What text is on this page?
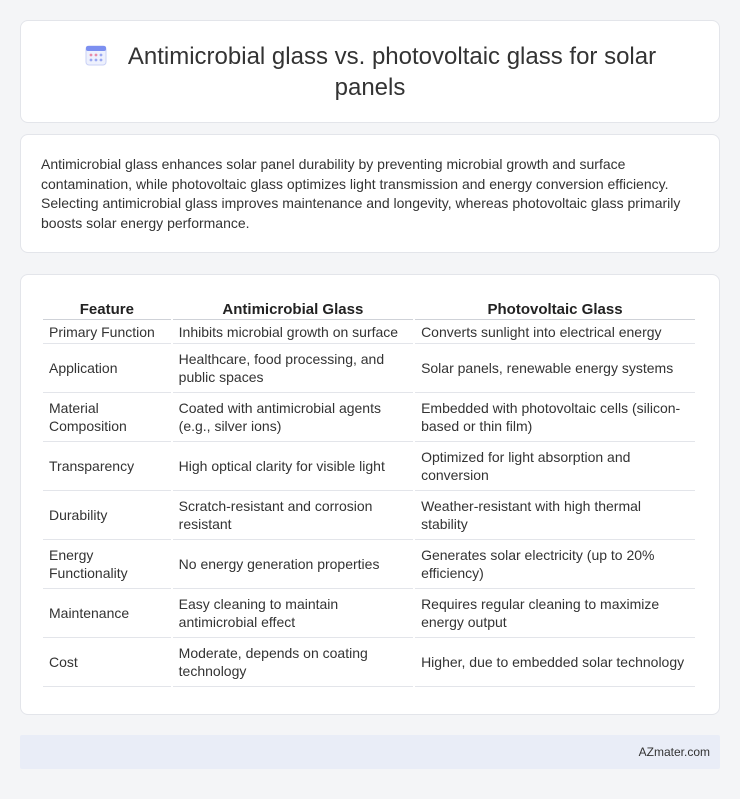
Antimicrobial glass vs. photovoltaic glass for solar panels

Antimicrobial glass enhances solar panel durability by preventing microbial growth and surface contamination, while photovoltaic glass optimizes light transmission and energy conversion efficiency. Selecting antimicrobial glass improves maintenance and longevity, whereas photovoltaic glass primarily boosts solar energy performance.

Feature	Antimicrobial Glass	Photovoltaic Glass
Primary Function	Inhibits microbial growth on surface	Converts sunlight into electrical energy
Application	Healthcare, food processing, and public spaces	Solar panels, renewable energy systems
Material Composition	Coated with antimicrobial agents (e.g., silver ions)	Embedded with photovoltaic cells (silicon-based or thin film)
Transparency	High optical clarity for visible light	Optimized for light absorption and conversion
Durability	Scratch-resistant and corrosion resistant	Weather-resistant with high thermal stability
Energy Functionality	No energy generation properties	Generates solar electricity (up to 20% efficiency)
Maintenance	Easy cleaning to maintain antimicrobial effect	Requires regular cleaning to maximize energy output
Cost	Moderate, depends on coating technology	Higher, due to embedded solar technology
AZmater.com
